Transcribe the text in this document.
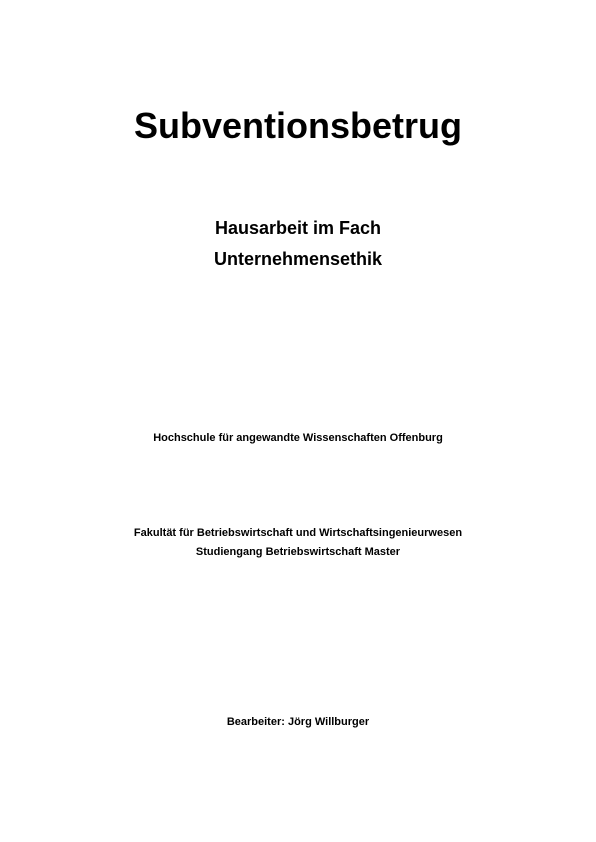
Subventionsbetrug
Hausarbeit im Fach
Unternehmensethik
Hochschule für angewandte Wissenschaften Offenburg
Fakultät für Betriebswirtschaft und Wirtschaftsingenieurwesen
Studiengang Betriebswirtschaft Master
Bearbeiter: Jörg Willburger
